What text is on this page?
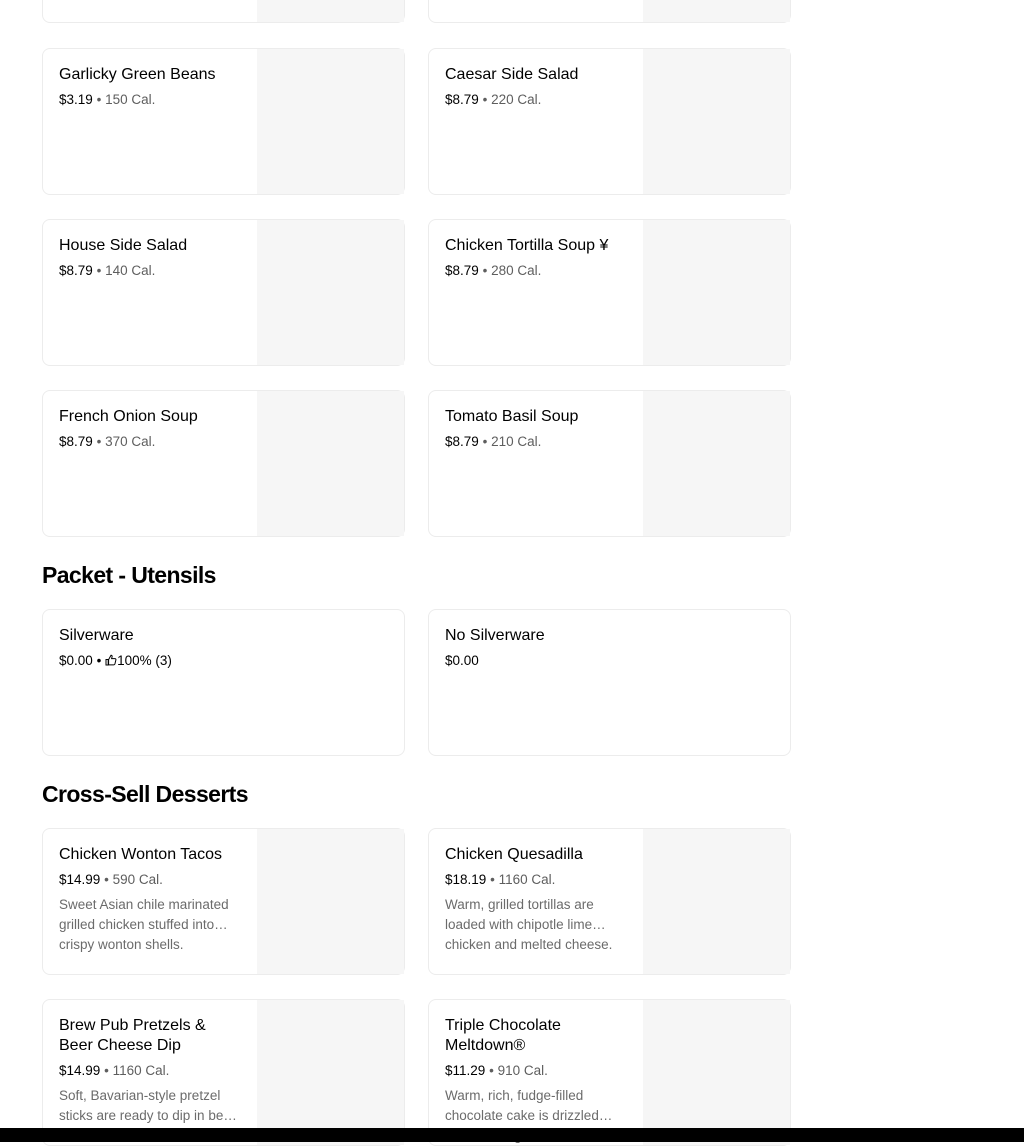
Garlicky Green Beans
$3.19 • 150 Cal.
Caesar Side Salad
$8.79 • 220 Cal.
House Side Salad
$8.79 • 140 Cal.
Chicken Tortilla Soup ¥
$8.79 • 280 Cal.
French Onion Soup
$8.79 • 370 Cal.
Tomato Basil Soup
$8.79 • 210 Cal.
Packet - Utensils
Silverware
$0.00 • 100% (3)
No Silverware
$0.00
Cross-Sell Desserts
Chicken Wonton Tacos
$14.99 • 590 Cal.
Sweet Asian chile marinated grilled chicken stuffed into crispy wonton shells.
Chicken Quesadilla
$18.19 • 1160 Cal.
Warm, grilled tortillas are loaded with chipotle lime chicken and melted cheese.
Brew Pub Pretzels & Beer Cheese Dip
$14.99 • 1160 Cal.
Soft, Bavarian-style pretzel sticks are ready to dip in beer
Triple Chocolate Meltdown®
$11.29 • 910 Cal.
Warm, rich, fudge-filled chocolate cake is drizzled
